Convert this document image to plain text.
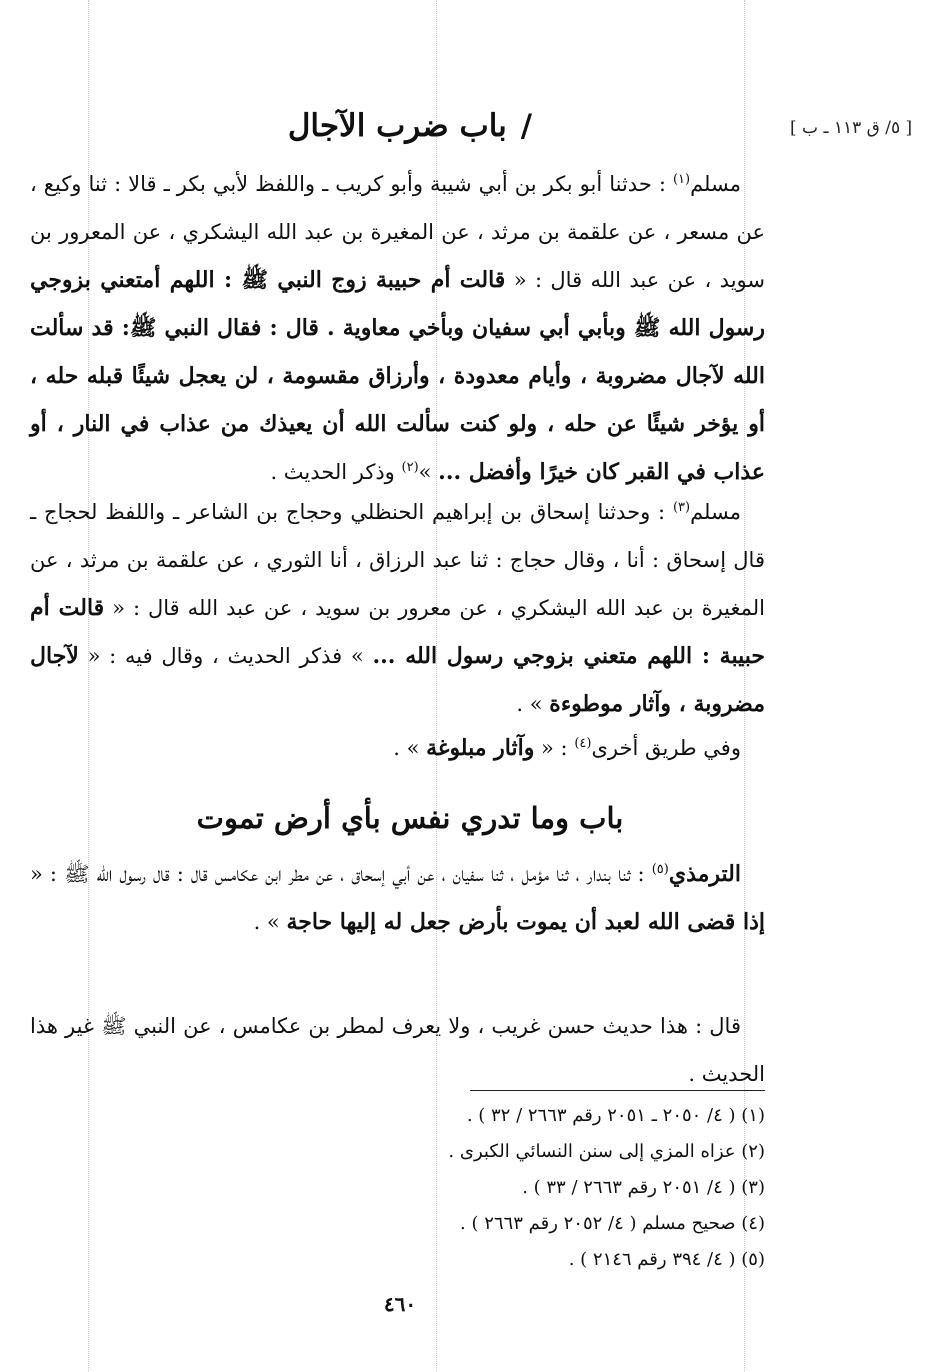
[ ٥/ ق ١١٣ ـ ب ]
/باب ضرب الآجال
مسلم$^{(١)}$ : حدثنا أبو بكر بن أبي شيبة وأبو كريب ـ واللفظ لأبي بكر ـ قالا : ثنا وكيع ، عن مسعر ، عن علقمة بن مرثد ، عن المغيرة بن عبد الله اليشكري ، عن المعرور بن سويد ، عن عبد الله قال : « قالت أم حبيبة زوج النبي ﷺ : اللهم أمتعني بزوجي رسول الله ﷺ وبأبي أبي سفيان وبأخي معاوية . قال : فقال النبي ﷺ: قد سألت الله لآجال مضروبة ، وأيام معدودة ، وأرزاق مقسومة ، لن يعجل شيئًا قبله حله ، أو يؤخر شيئًا عن حله ، ولو كنت سألت الله أن يعيذك من عذاب في النار ، أو عذاب في القبر كان خيرًا وأفضل ... »$^{(٢)}$ وذكر الحديث .
مسلم$^{(٣)}$ : وحدثنا إسحاق بن إبراهيم الحنظلي وحجاج بن الشاعر ـ واللفظ لحجاج ـ قال إسحاق : أنا ، وقال حجاج : ثنا عبد الرزاق ، أنا الثوري ، عن علقمة بن مرثد ، عن المغيرة بن عبد الله اليشكري ، عن معرور بن سويد ، عن عبد الله قال : « قالت أم حبيبة : اللهم متعني بزوجي رسول الله ... » فذكر الحديث ، وقال فيه : « لآجال مضروبة ، وآثار موطوءة » .
وفي طريق أخرى$^{(٤)}$ : « وآثار مبلوغة » .
باب وما تدري نفس بأي أرض تموت
الترمذي$^{(٥)}$ : ثنا بندار ، ثنا مؤمل ، ثنا سفيان ، عن أبي إسحاق ، عن مطر ابن عكامس قال : قال رسول الله ﷺ : « إذا قضى الله لعبد أن يموت بأرض جعل له إليها حاجة » .
قال : هذا حديث حسن غريب ، ولا يعرف لمطر بن عكامس ، عن النبي ﷺ غير هذا الحديث .
(١) ( ٤/ ٢٠٥٠ ـ ٢٠٥١ رقم ٢٦٦٣ / ٣٢ ) .
(٢) عزاه المزي إلى سنن النسائي الكبرى .
(٣) ( ٤/ ٢٠٥١ رقم ٢٦٦٣ / ٣٣ ) .
(٤) صحيح مسلم ( ٤/ ٢٠٥٢ رقم ٢٦٦٣ ) .
(٥) ( ٤/ ٣٩٤ رقم ٢١٤٦ ) .
٤٦٠
